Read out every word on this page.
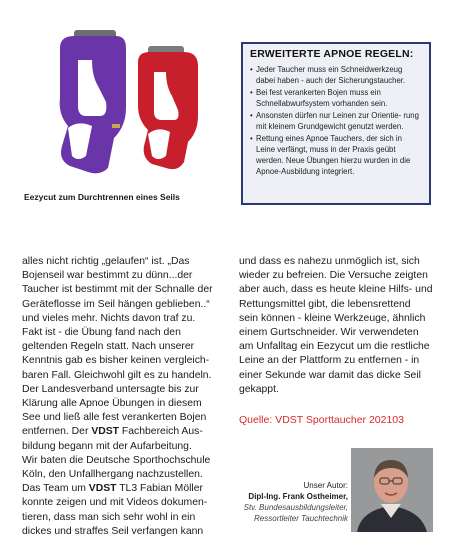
Eezycut zum Durchtrennen eines Seils
ERWEITERTE APNOE REGELN:
• Jeder Taucher muss ein Schneidwerkzeug dabei haben - auch der Sicherungstaucher.
• Bei fest verankerten Bojen muss ein Schnellabwurfsystem vorhanden sein.
• Ansonsten dürfen nur Leinen zur Orientie- rung mit kleinem Grundgewicht genutzt werden.
• Rettung eines Apnoe Tauchers, der sich in Leine verfängt, muss in der Praxis geübt werden. Neue Übungen hierzu wurden in die Apnoe-Ausbildung integriert.
alles nicht richtig „gelaufen“ ist. „Das
Bojenseil war bestimmt zu dünn...der
Taucher ist bestimmt mit der Schnalle der
Geräteflosse im Seil hängen geblieben..“
und vieles mehr. Nichts davon traf zu.
Fakt ist - die Übung fand nach den
geltenden Regeln statt. Nach unserer
Kenntnis gab es bisher keinen vergleich-
baren Fall. Gleichwohl gilt es zu handeln.
Der Landesverband untersagte bis zur
Klärung alle Apnoe Übungen in diesem
See und ließ alle fest verankerten Bojen
entfernen. Der VDST Fachbereich Aus-
bildung begann mit der Aufarbeitung.
Wir baten die Deutsche Sporthochschule
Köln, den Unfallhergang nachzustellen.
Das Team um VDST TL3 Fabian Möller
konnte zeigen und mit Videos dokumen-
tieren, dass man sich sehr wohl in ein
dickes und straffes Seil verfangen kann
und dass es nahezu unmöglich ist, sich
wieder zu befreien. Die Versuche zeigten
aber auch, dass es heute kleine Hilfs- und
Rettungsmittel gibt, die lebensrettend
sein können - kleine Werkzeuge, ähnlich
einem Gurtschneider. Wir verwendeten
am Unfalltag ein Eezycut um die restliche
Leine an der Plattform zu entfernen - in
einer Sekunde war damit das dicke Seil
gekappt.
Quelle: VDST Sporttaucher 202103
Unser Autor:
Dipl-Ing. Frank Ostheimer,
Stv. Bundesausbildungsleiter,
Ressortleiter Tauchtechnik
